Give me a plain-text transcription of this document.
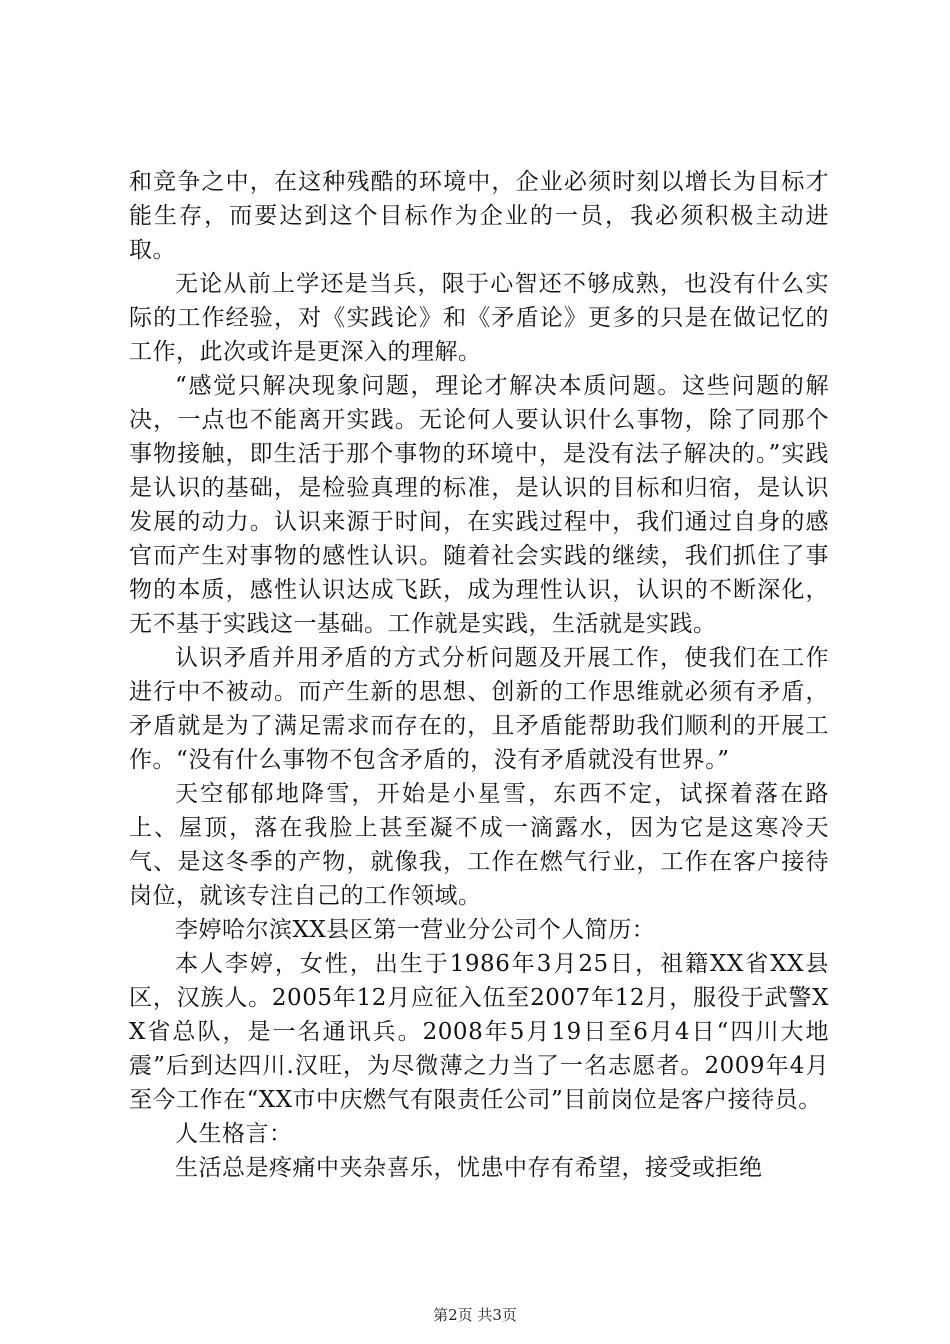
和竞争之中，在这种残酷的环境中，企业必须时刻以增长为目标才能生存，而要达到这个目标作为企业的一员，我必须积极主动进取。

无论从前上学还是当兵，限于心智还不够成熟，也没有什么实际的工作经验，对《实践论》和《矛盾论》更多的只是在做记忆的工作，此次或许是更深入的理解。

“感觉只解决现象问题，理论才解决本质问题。这些问题的解决，一点也不能离开实践。无论何人要认识什么事物，除了同那个事物接触，即生活于那个事物的环境中，是没有法子解决的。”实践是认识的基础，是检验真理的标准，是认识的目标和归宿，是认识发展的动力。认识来源于时间，在实践过程中，我们通过自身的感官而产生对事物的感性认识。随着社会实践的继续，我们抓住了事物的本质，感性认识达成飞跃，成为理性认识，认识的不断深化，无不基于实践这一基础。工作就是实践，生活就是实践。

认识矛盾并用矛盾的方式分析问题及开展工作，使我们在工作进行中不被动。而产生新的思想、创新的工作思维就必须有矛盾，矛盾就是为了满足需求而存在的，且矛盾能帮助我们顺利的开展工作。“没有什么事物不包含矛盾的，没有矛盾就没有世界。”

天空郁郁地降雪，开始是小星雪，东西不定，试探着落在路上、屋顶，落在我脸上甚至凝不成一滴露水，因为它是这寒冷天气、是这冬季的产物，就像我，工作在燃气行业，工作在客户接待岗位，就该专注自己的工作领域。

李婷哈尔滨XX县区第一营业分公司个人简历：

本人李婷，女性，出生于1986年3月25日，祖籍XX省XX县区，汉族人。2005年12月应征入伍至2007年12月，服役于武警XX省总队，是一名通讯兵。2008年5月19日至6月4日“四川大地震”后到达四川.汉旺，为尽微薄之力当了一名志愿者。2009年4月至今工作在“XX市中庆燃气有限责任公司”目前岗位是客户接待员。

人生格言：

生活总是疼痛中夹杂喜乐，忧患中存有希望，接受或拒绝

第2页 共3页
